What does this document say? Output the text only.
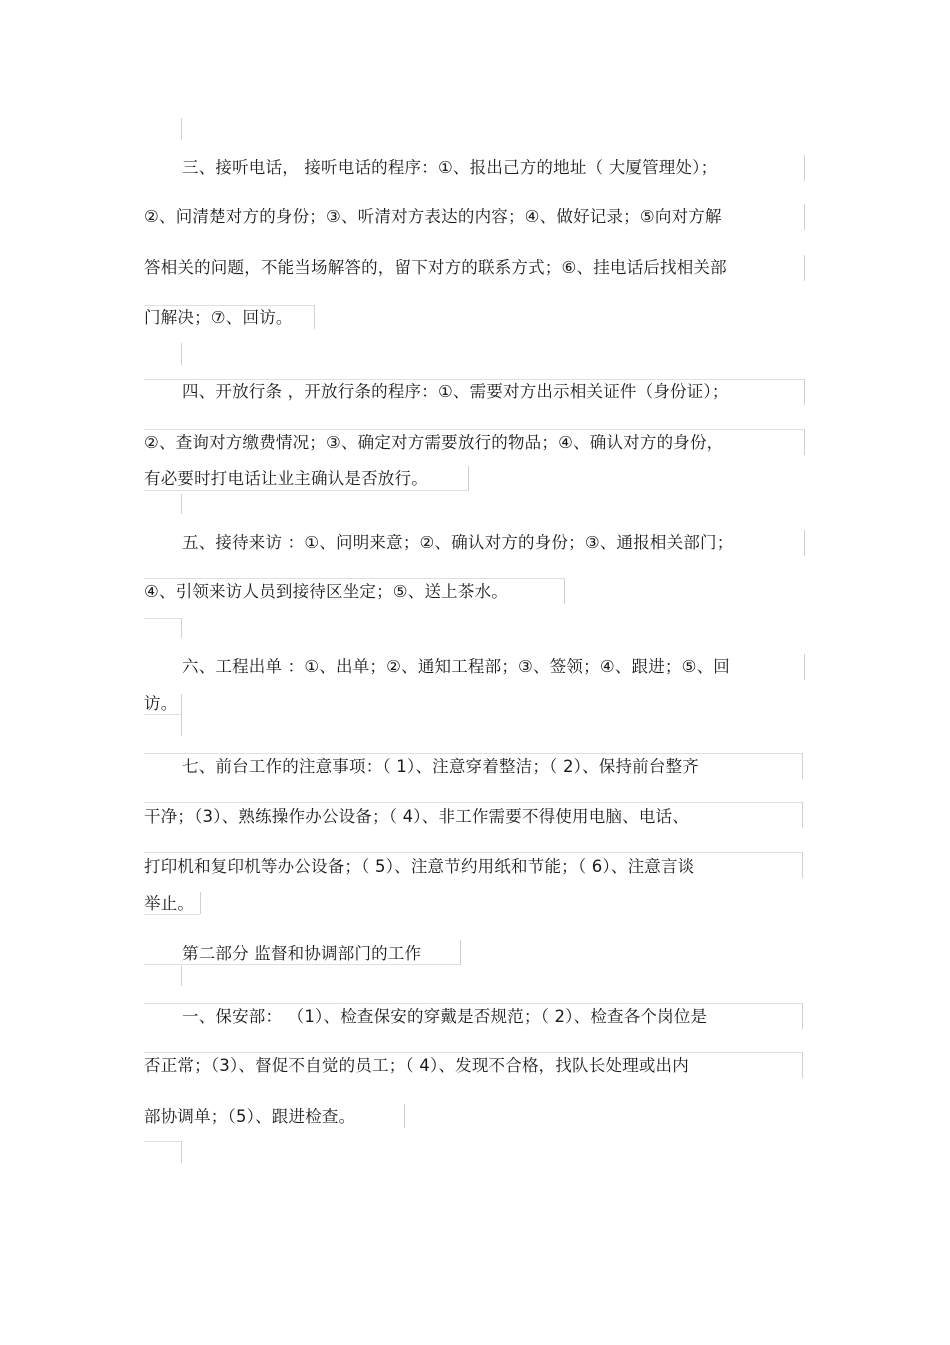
三、接听电话， 接听电话的程序：①、报出己方的地址（ 大厦管理处）；
②、问清楚对方的身份；③、听清对方表达的内容；④、做好记录；⑤向对方解
答相关的问题，不能当场解答的，留下对方的联系方式；⑥、挂电话后找相关部
门解决；⑦、回访。
四、开放行条 ，开放行条的程序：①、需要对方出示相关证件（身份证）；
②、查询对方缴费情况；③、确定对方需要放行的物品；④、确认对方的身份，
有必要时打电话让业主确认是否放行。
五、接待来访 ：①、问明来意；②、确认对方的身份；③、通报相关部门；
④、引领来访人员到接待区坐定；⑤、送上茶水。
六、工程出单 ：①、出单；②、通知工程部；③、签领；④、跟进；⑤、回
访。
七、前台工作的注意事项：（ 1）、注意穿着整洁；（ 2）、保持前台整齐
干净；（3）、熟练操作办公设备；（ 4）、非工作需要不得使用电脑、电话、
打印机和复印机等办公设备；（ 5）、注意节约用纸和节能；（ 6）、注意言谈
举止。
第二部分 监督和协调部门的工作
一、保安部： （1）、检查保安的穿戴是否规范；（ 2）、检查各个岗位是
否正常；（3）、督促不自觉的员工；（ 4）、发现不合格，找队长处理或出内
部协调单；（5）、跟进检查。
